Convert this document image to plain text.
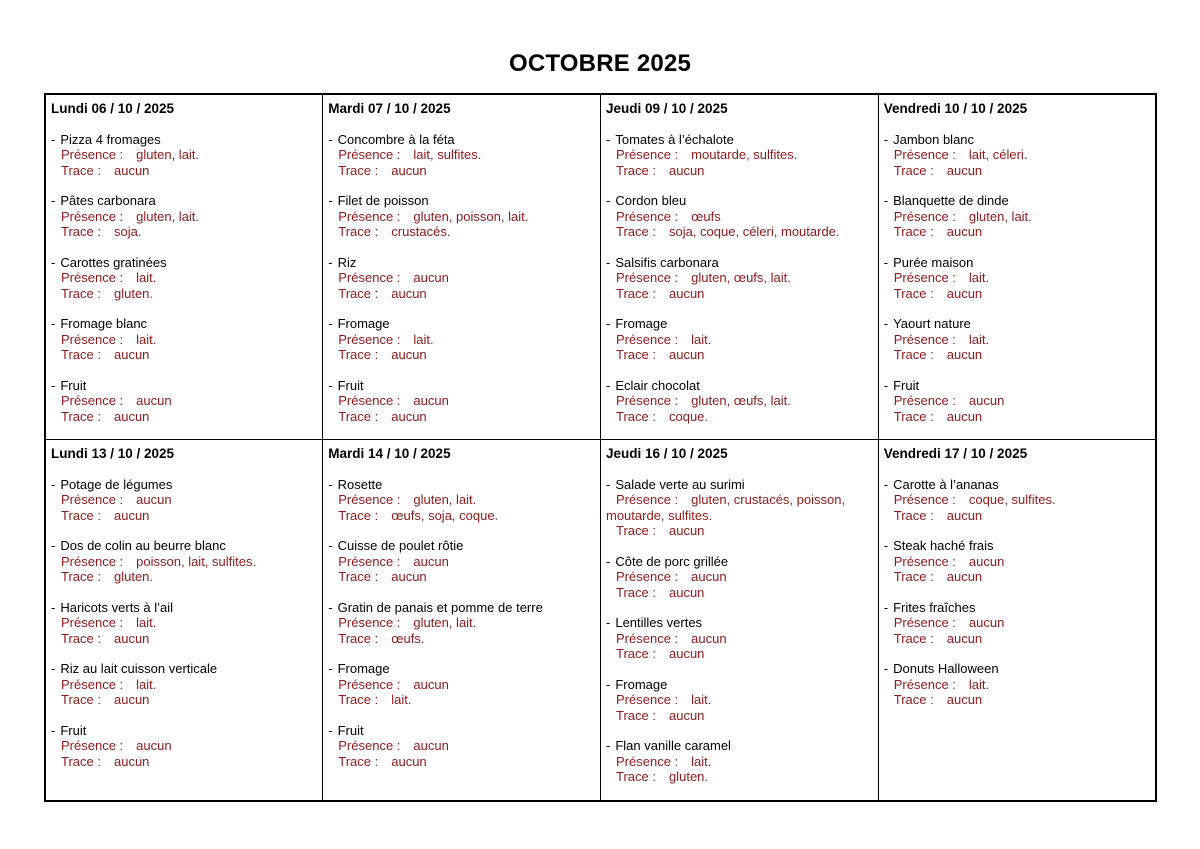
OCTOBRE 2025
Lundi 06 / 10 / 2025
- Pizza 4 fromages
Présence : gluten, lait.
Trace : aucun
- Pâtes carbonara
Présence : gluten, lait.
Trace : soja.
- Carottes gratinées
Présence : lait.
Trace : gluten.
- Fromage blanc
Présence : lait.
Trace : aucun
- Fruit
Présence : aucun
Trace : aucun

Mardi 07 / 10 / 2025
- Concombre à la féta
Présence : lait, sulfites.
Trace : aucun
- Filet de poisson
Présence : gluten, poisson, lait.
Trace : crustacés.
- Riz
Présence : aucun
Trace : aucun
- Fromage
Présence : lait.
Trace : aucun
- Fruit
Présence : aucun
Trace : aucun

Jeudi 09 / 10 / 2025
- Tomates à l’échalote
Présence : moutarde, sulfites.
Trace : aucun
- Cordon bleu
Présence : œufs
Trace : soja, coque, céleri, moutarde.
- Salsifis carbonara
Présence : gluten, œufs, lait.
Trace : aucun
- Fromage
Présence : lait.
Trace : aucun
- Eclair chocolat
Présence : gluten, œufs, lait.
Trace : coque.

Vendredi 10 / 10 / 2025
- Jambon blanc
Présence : lait, céleri.
Trace : aucun
- Blanquette de dinde
Présence : gluten, lait.
Trace : aucun
- Purée maison
Présence : lait.
Trace : aucun
- Yaourt nature
Présence : lait.
Trace : aucun
- Fruit
Présence : aucun
Trace : aucun

Lundi 13 / 10 / 2025
- Potage de légumes
Présence : aucun
Trace : aucun
- Dos de colin au beurre blanc
Présence : poisson, lait, sulfites.
Trace : gluten.
- Haricots verts à l’ail
Présence : lait.
Trace : aucun
- Riz au lait cuisson verticale
Présence : lait.
Trace : aucun
- Fruit
Présence : aucun
Trace : aucun

Mardi 14 / 10 / 2025
- Rosette
Présence : gluten, lait.
Trace : œufs, soja, coque.
- Cuisse de poulet rôtie
Présence : aucun
Trace : aucun
- Gratin de panais et pomme de terre
Présence : gluten, lait.
Trace : œufs.
- Fromage
Présence : aucun
Trace : lait.
- Fruit
Présence : aucun
Trace : aucun

Jeudi 16 / 10 / 2025
- Salade verte au surimi
Présence : gluten, crustacés, poisson, moutarde, sulfites.
Trace : aucun
- Côte de porc grillée
Présence : aucun
Trace : aucun
- Lentilles vertes
Présence : aucun
Trace : aucun
- Fromage
Présence : lait.
Trace : aucun
- Flan vanille caramel
Présence : lait.
Trace : gluten.

Vendredi 17 / 10 / 2025
- Carotte à l’ananas
Présence : coque, sulfites.
Trace : aucun
- Steak haché frais
Présence : aucun
Trace : aucun
- Frites fraîches
Présence : aucun
Trace : aucun
- Donuts Halloween
Présence : lait.
Trace : aucun
